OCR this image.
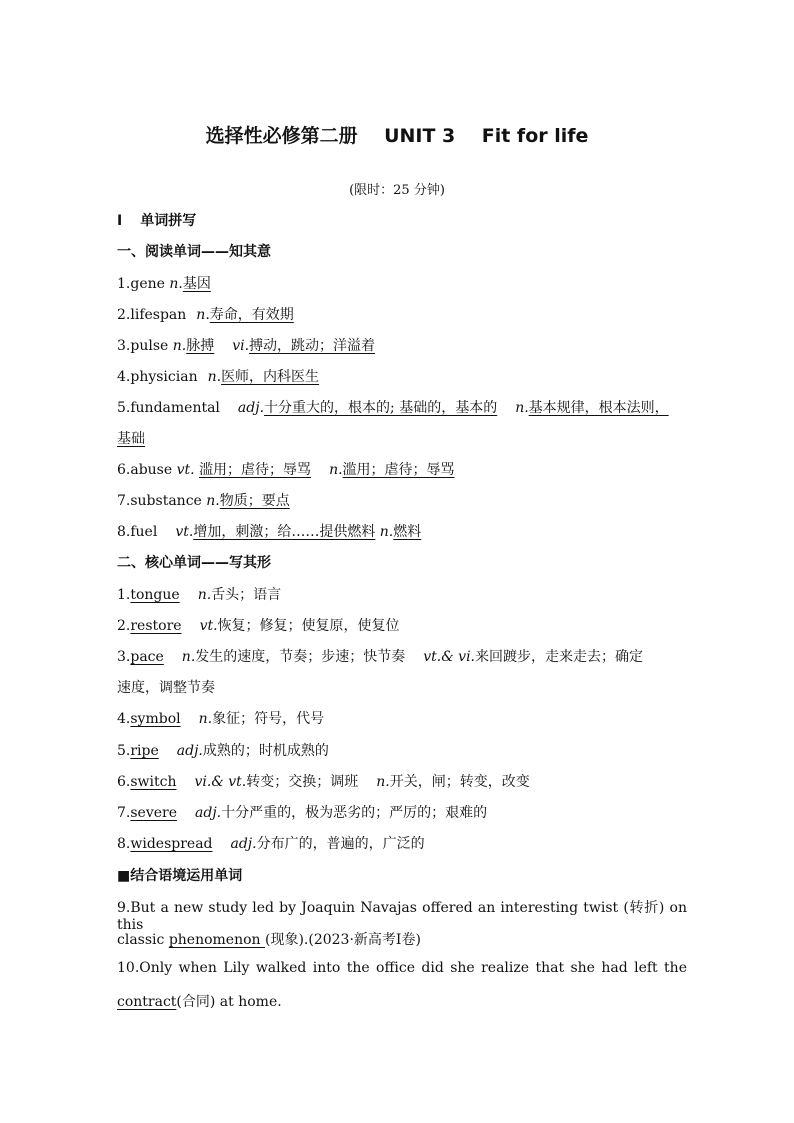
选择性必修第二册 UNIT 3 Fit for life
(限时：25 分钟)
Ⅰ 单词拼写
一、阅读单词——知其意
1.gene n.基因
2.lifespan n.寿命，有效期
3.pulse n.脉搏 vi.搏动，跳动；洋溢着
4.physician n.医师，内科医生
5.fundamental adj.十分重大的，根本的; 基础的，基本的 n.基本规律，根本法则，
基础
6.abuse vt. 滥用；虐待；辱骂 n.滥用；虐待；辱骂
7.substance n.物质；要点
8.fuel vt.增加，刺激；给……提供燃料 n.燃料
二、核心单词——写其形
1.tongue n.舌头；语言
2.restore vt.恢复；修复；使复原，使复位
3.pace n.发生的速度，节奏；步速；快节奏 vt.& vi.来回踱步，走来走去；确定
速度，调整节奏
4.symbol n.象征；符号，代号
5.ripe adj.成熟的；时机成熟的
6.switch vi.& vt.转变；交换；调班 n.开关，闸；转变，改变
7.severe adj.十分严重的，极为恶劣的；严厉的；艰难的
8.widespread adj.分布广的，普遍的，广泛的
■结合语境运用单词
9.But a new study led by Joaquin Navajas offered an interesting twist (转折) on this
classic phenomenon (现象).(2023·新高考Ⅰ卷)
10.Only when Lily walked into the office did she realize that she had left the
contract(合同) at home.
